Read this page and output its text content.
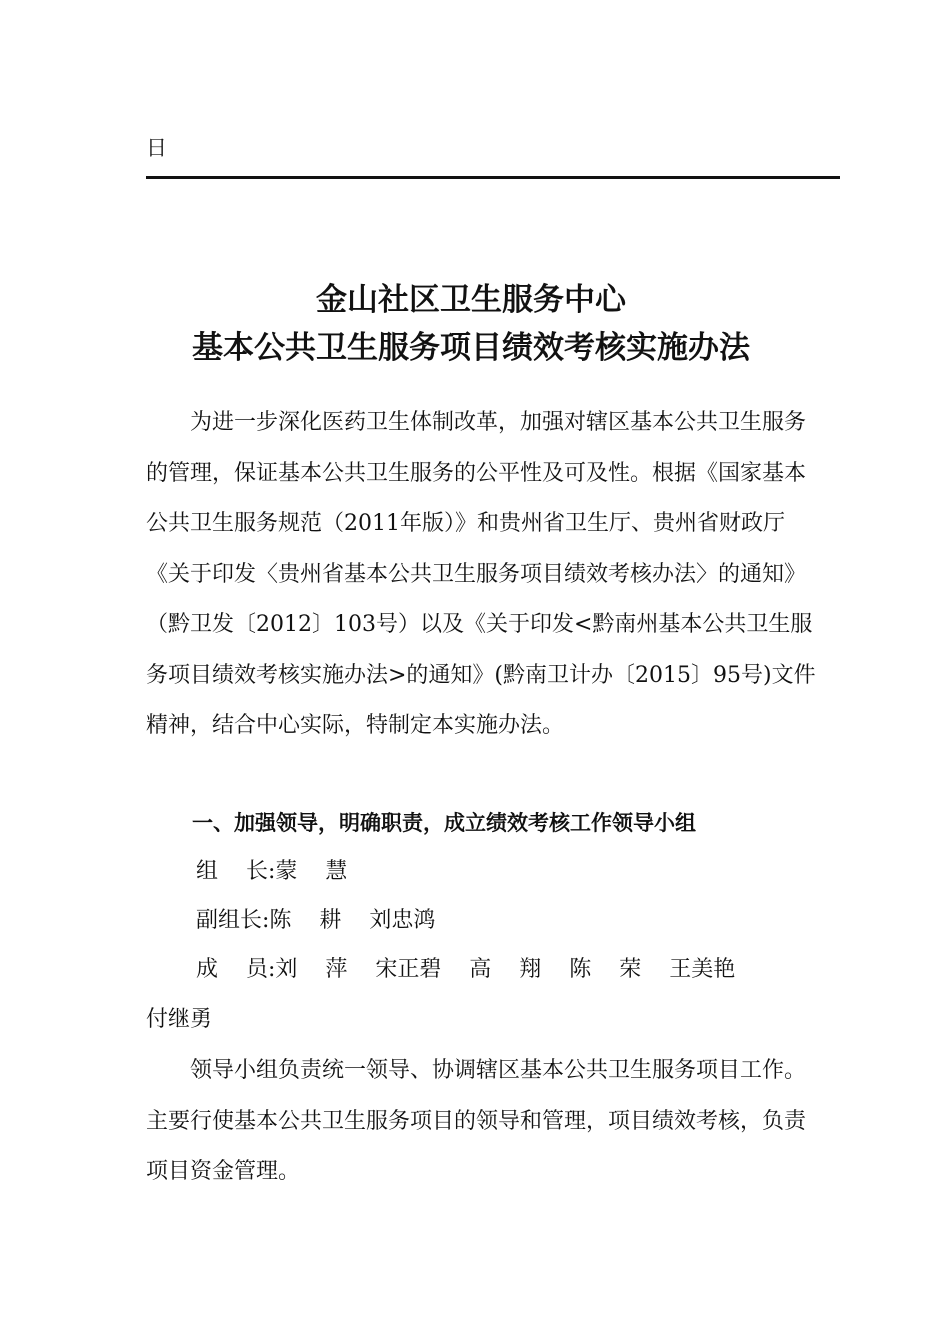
日

金山社区卫生服务中心
基本公共卫生服务项目绩效考核实施办法

为进一步深化医药卫生体制改革，加强对辖区基本公共卫生服务的管理，保证基本公共卫生服务的公平性及可及性。根据《国家基本公共卫生服务规范（2011年版）》和贵州省卫生厅、贵州省财政厅《关于印发〈贵州省基本公共卫生服务项目绩效考核办法〉的通知》（黔卫发〔2012〕103号）以及《关于印发<黔南州基本公共卫生服务项目绩效考核实施办法>的通知》(黔南卫计办〔2015〕95号)文件精神，结合中心实际，特制定本实施办法。

一、加强领导，明确职责，成立绩效考核工作领导小组

组    长:蒙    慧

副组长:陈    耕    刘忠鸿

成    员:刘    萍    宋正碧    高    翔    陈    荣    王美艳

付继勇

领导小组负责统一领导、协调辖区基本公共卫生服务项目工作。主要行使基本公共卫生服务项目的领导和管理，项目绩效考核，负责项目资金管理。
